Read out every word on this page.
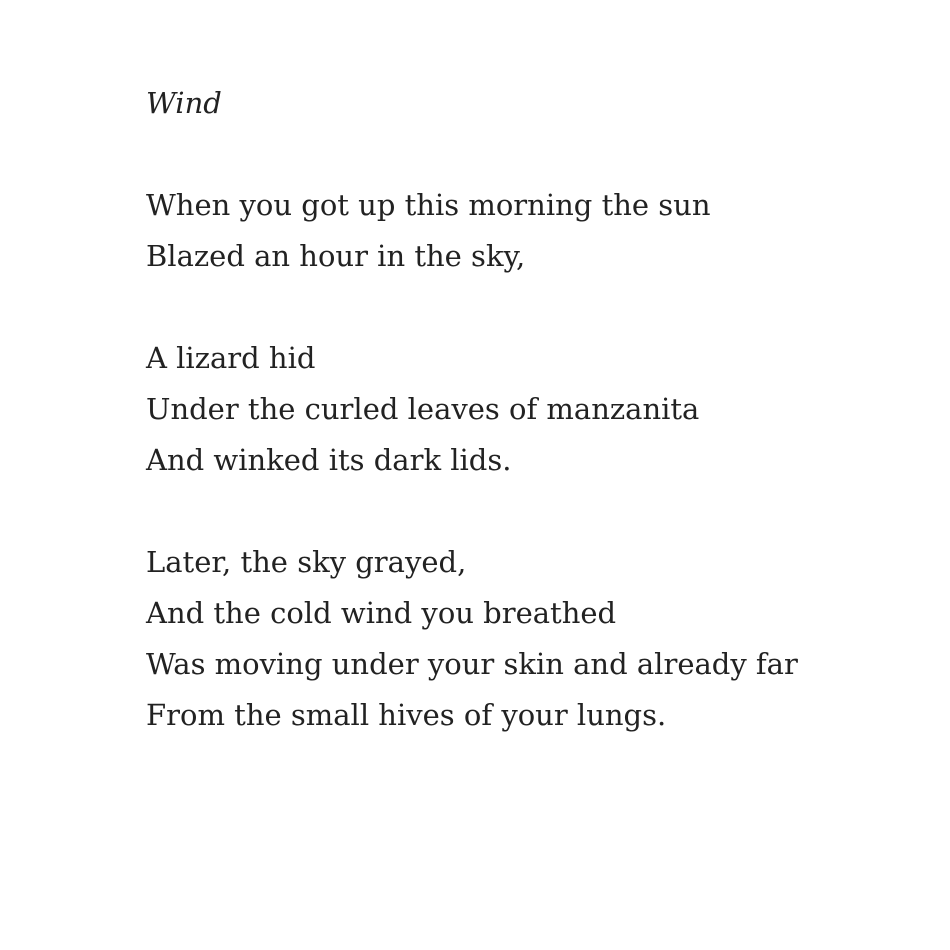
Wind
When you got up this morning the sun
Blazed an hour in the sky,
A lizard hid
Under the curled leaves of manzanita
And winked its dark lids.
Later, the sky grayed,
And the cold wind you breathed
Was moving under your skin and already far
From the small hives of your lungs.
